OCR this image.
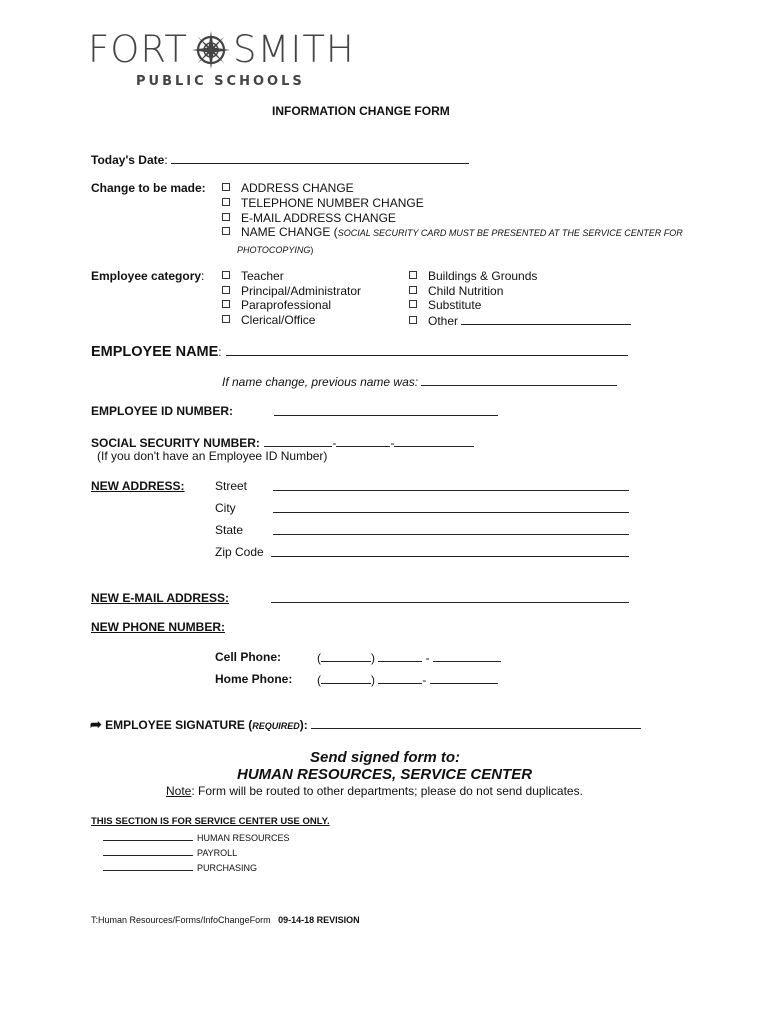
FORT SMITH
PUBLIC SCHOOLS
INFORMATION CHANGE FORM
Today's Date:
Change to be made:	ADDRESS CHANGE
TELEPHONE NUMBER CHANGE
E-MAIL ADDRESS CHANGE
NAME CHANGE (SOCIAL SECURITY CARD MUST BE PRESENTED AT THE SERVICE CENTER FOR
PHOTOCOPYING)
Employee category:	Teacher
Principal/Administrator
Paraprofessional
Clerical/Office
Buildings & Grounds
Child Nutrition
Substitute
Other
EMPLOYEE NAME:
If name change, previous name was:
EMPLOYEE ID NUMBER:
SOCIAL SECURITY NUMBER:	-	-
(If you don't have an Employee ID Number)
NEW ADDRESS:	Street
City
State
Zip Code
NEW E-MAIL ADDRESS:
NEW PHONE NUMBER:
Cell Phone:	(	)	-
Home Phone: (	)	-
➦ EMPLOYEE SIGNATURE (REQUIRED):
Send signed form to:
HUMAN RESOURCES, SERVICE CENTER
Note: Form will be routed to other departments; please do not send duplicates.
THIS SECTION IS FOR SERVICE CENTER USE ONLY.
HUMAN RESOURCES
PAYROLL
PURCHASING
T:Human Resources/Forms/InfoChangeForm 09-14-18 REVISION
